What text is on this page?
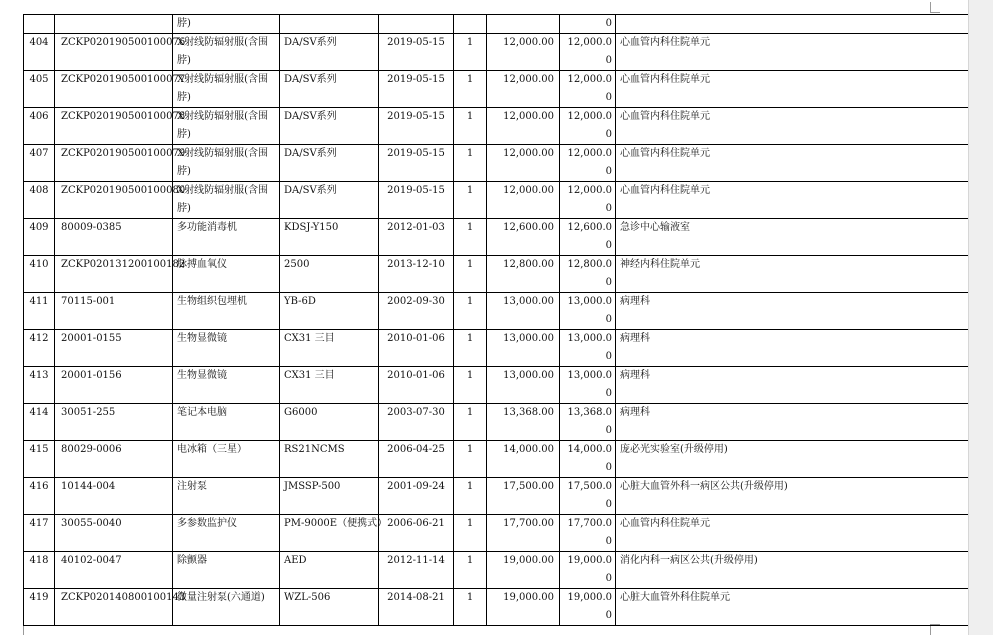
		脖)					0	
404	ZCKP020190500100076	X射线防辐射服(含围脖)	DA/SV系列	2019-05-15	1	12,000.00	12,000.00	心血管内科住院单元
405	ZCKP020190500100077	X射线防辐射服(含围脖)	DA/SV系列	2019-05-15	1	12,000.00	12,000.00	心血管内科住院单元
406	ZCKP020190500100078	X射线防辐射服(含围脖)	DA/SV系列	2019-05-15	1	12,000.00	12,000.00	心血管内科住院单元
407	ZCKP020190500100079	X射线防辐射服(含围脖)	DA/SV系列	2019-05-15	1	12,000.00	12,000.00	心血管内科住院单元
408	ZCKP020190500100080	X射线防辐射服(含围脖)	DA/SV系列	2019-05-15	1	12,000.00	12,000.00	心血管内科住院单元
409	80009-0385	多功能消毒机	KDSJ-Y150	2012-01-03	1	12,600.00	12,600.00	急诊中心输液室
410	ZCKP020131200100182	脉搏血氧仪	2500	2013-12-10	1	12,800.00	12,800.00	神经内科住院单元
411	70115-001	生物组织包埋机	YB-6D	2002-09-30	1	13,000.00	13,000.00	病理科
412	20001-0155	生物显微镜	CX31 三目	2010-01-06	1	13,000.00	13,000.00	病理科
413	20001-0156	生物显微镜	CX31 三目	2010-01-06	1	13,000.00	13,000.00	病理科
414	30051-255	笔记本电脑	G6000	2003-07-30	1	13,368.00	13,368.00	病理科
415	80029-0006	电冰箱（三星）	RS21NCMS	2006-04-25	1	14,000.00	14,000.00	庞必光实验室(升级停用)
416	10144-004	注射泵	JMSSP-500	2001-09-24	1	17,500.00	17,500.00	心脏大血管外科一病区公共(升级停用)
417	30055-0040	多参数监护仪	PM-9000E（便携式）	2006-06-21	1	17,700.00	17,700.00	心血管内科住院单元
418	40102-0047	除颤器	AED	2012-11-14	1	19,000.00	19,000.00	消化内科一病区公共(升级停用)
419	ZCKP020140800100143	微量注射泵(六通道)	WZL-506	2014-08-21	1	19,000.00	19,000.00	心脏大血管外科住院单元
